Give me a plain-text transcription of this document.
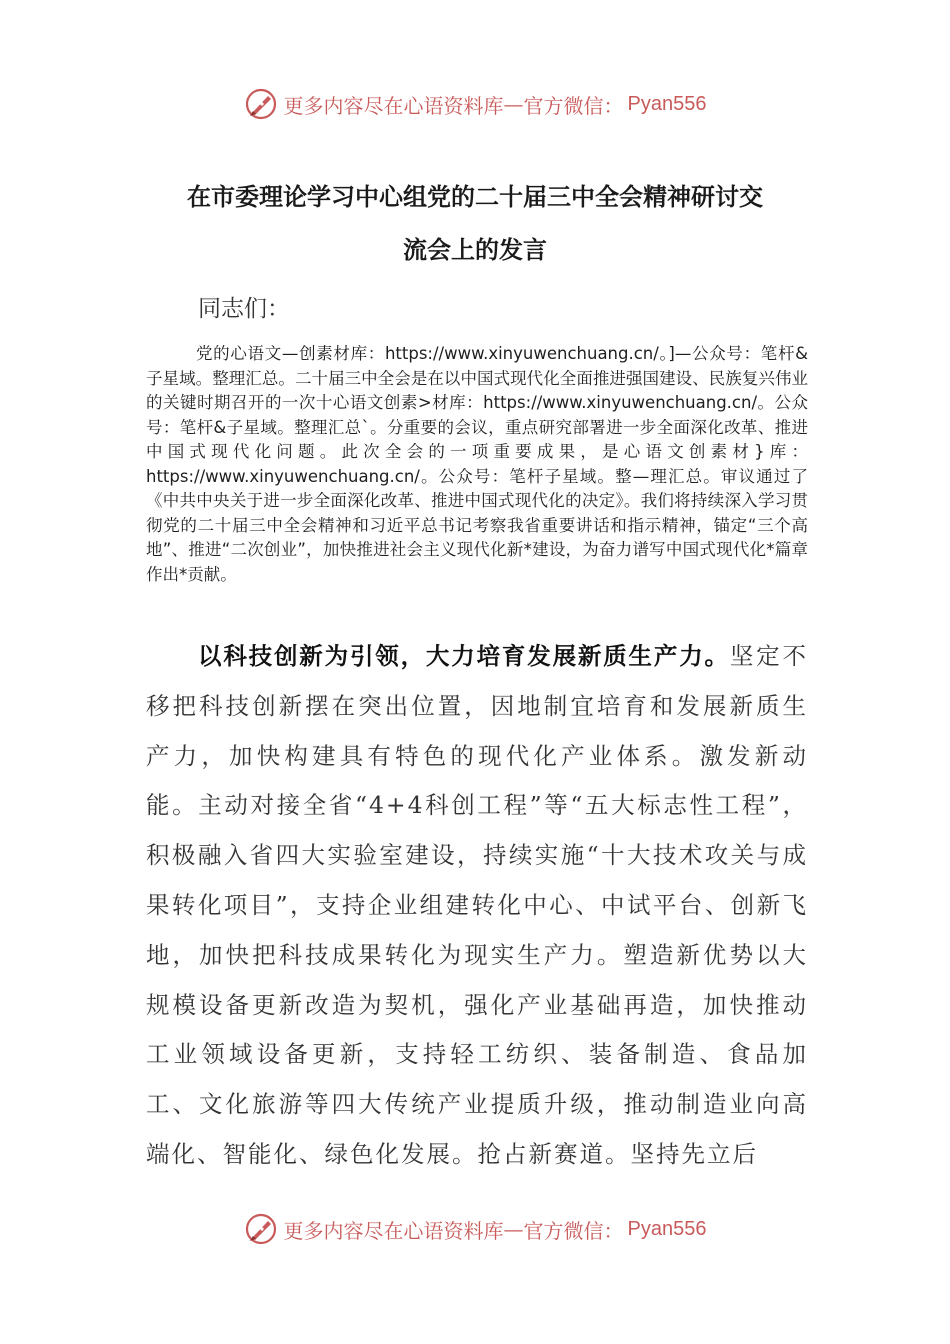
更多内容尽在心语资料库 — 官方微信： Pyan556
在市委理论学习中心组党的二十届三中全会精神研讨交
流会上的发言
同志们：

党的心语文—创素材库：https://www.xinyuwenchuang.cn/。]—公众号：笔杆&子星域。整理汇总。二十届三中全会是在以中国式现代化全面推进强国建设、民族复兴伟业的关键时期召开的一次十心语文创素>材库：https://www.xinyuwenchuang.cn/。公众号：笔杆&子星域。整理汇总`。分重要的会议，重点研究部署进一步全面深化改革、推进中国式现代化问题。此次全会的一项重要成果，是心语文创素材}库：https://www.xinyuwenchuang.cn/。公众号：笔杆子星域。整—理汇总。审议通过了《中共中央关于进一步全面深化改革、推进中国式现代化的决定》。我们将持续深入学习贯彻党的二十届三中全会精神和习近平总书记考察我省重要讲话和指示精神，锚定“三个高地”、推进“二次创业”，加快推进社会主义现代化新*建设，为奋力谱写中国式现代化*篇章作出*贡献。

以科技创新为引领，大力培育发展新质生产力。坚定不移把科技创新摆在突出位置，因地制宜培育和发展新质生产力，加快构建具有特色的现代化产业体系。激发新动能。主动对接全省“4+4科创工程”等“五大标志性工程”，积极融入省四大实验室建设，持续实施“十大技术攻关与成果转化项目”，支持企业组建转化中心、中试平台、创新飞地，加快把科技成果转化为现实生产力。塑造新优势以大规模设备更新改造为契机，强化产业基础再造，加快推动工业领域设备更新，支持轻工纺织、装备制造、食品加工、文化旅游等四大传统产业提质升级，推动制造业向高端化、智能化、绿色化发展。抢占新赛道。坚持先立后

更多内容尽在心语资料库 — 官方微信： Pyan556
